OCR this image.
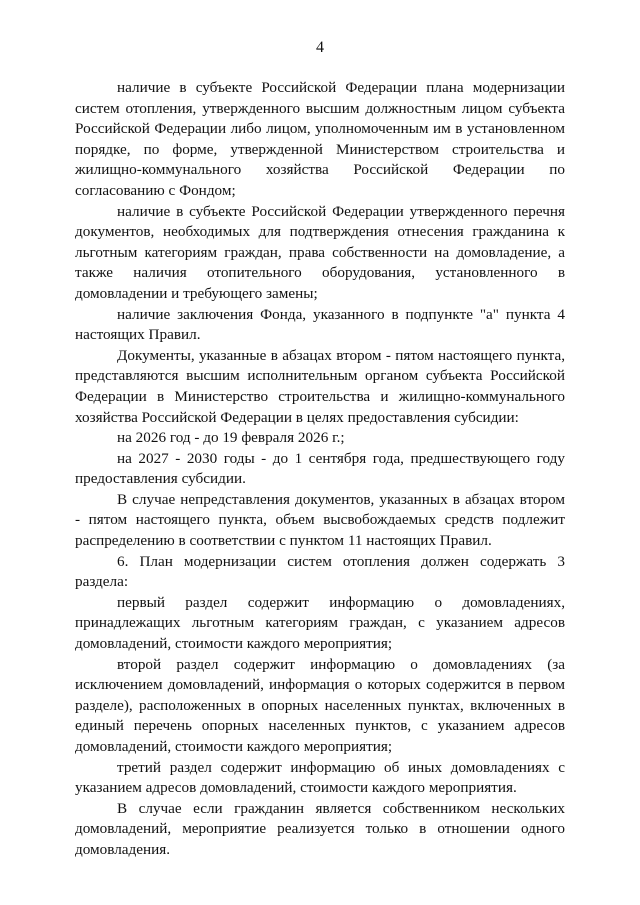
4

наличие в субъекте Российской Федерации плана модернизации систем отопления, утвержденного высшим должностным лицом субъекта Российской Федерации либо лицом, уполномоченным им в установленном порядке, по форме, утвержденной Министерством строительства и жилищно-коммунального хозяйства Российской Федерации по согласованию с Фондом;

наличие в субъекте Российской Федерации утвержденного перечня документов, необходимых для подтверждения отнесения гражданина к льготным категориям граждан, права собственности на домовладение, а также наличия отопительного оборудования, установленного в домовладении и требующего замены;

наличие заключения Фонда, указанного в подпункте "а" пункта 4 настоящих Правил.

Документы, указанные в абзацах втором - пятом настоящего пункта, представляются высшим исполнительным органом субъекта Российской Федерации в Министерство строительства и жилищно-коммунального хозяйства Российской Федерации в целях предоставления субсидии:

на 2026 год - до 19 февраля 2026 г.;

на 2027 - 2030 годы - до 1 сентября года, предшествующего году предоставления субсидии.

В случае непредставления документов, указанных в абзацах втором - пятом настоящего пункта, объем высвобождаемых средств подлежит распределению в соответствии с пунктом 11 настоящих Правил.

6. План модернизации систем отопления должен содержать 3 раздела:

первый раздел содержит информацию о домовладениях, принадлежащих льготным категориям граждан, с указанием адресов домовладений, стоимости каждого мероприятия;

второй раздел содержит информацию о домовладениях (за исключением домовладений, информация о которых содержится в первом разделе), расположенных в опорных населенных пунктах, включенных в единый перечень опорных населенных пунктов, с указанием адресов домовладений, стоимости каждого мероприятия;

третий раздел содержит информацию об иных домовладениях с указанием адресов домовладений, стоимости каждого мероприятия.

В случае если гражданин является собственником нескольких домовладений, мероприятие реализуется только в отношении одного домовладения.
